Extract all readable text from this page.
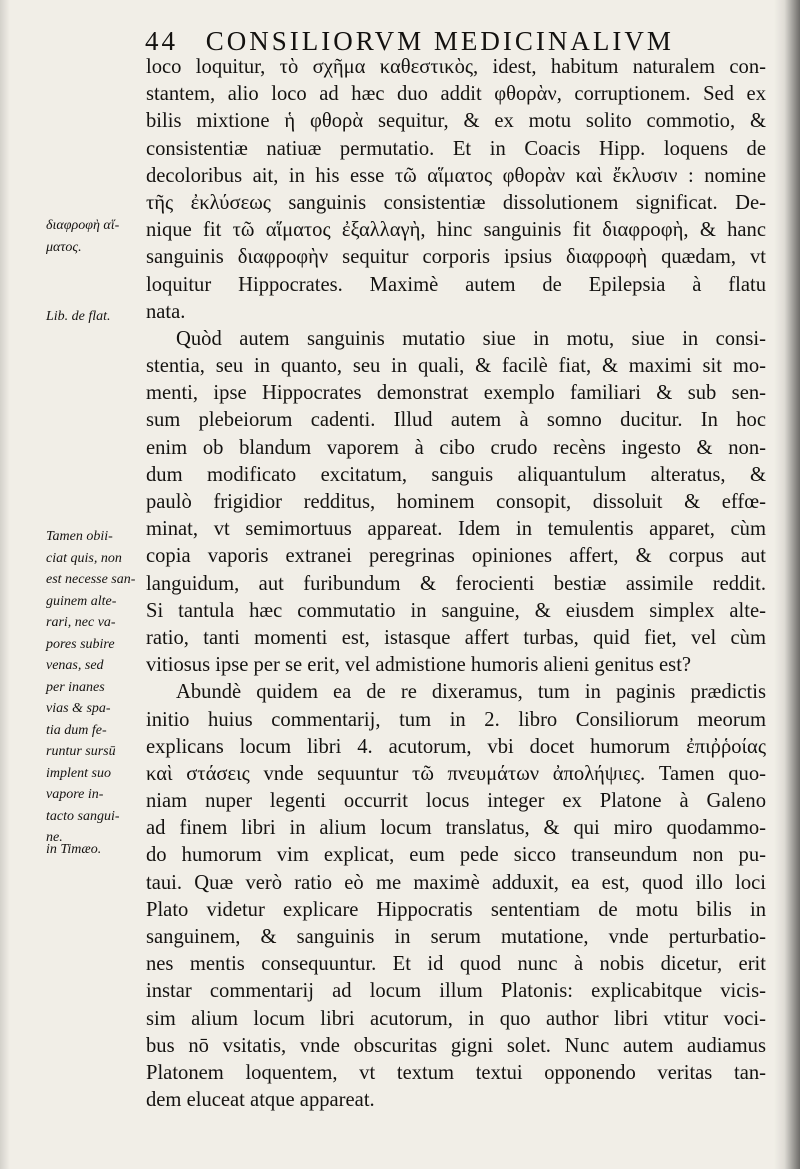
44 CONSILIORVM MEDICINALIVM
loco loquitur, τὸ σχῆμα καθεστικὸς, idest, habitum naturalem con-
stantem, alio loco ad hæc duo addit φθορὰν, corruptionem. Sed ex
bilis mixtione ἡ φθορὰ sequitur, & ex motu solito commotio, &
consistentiæ natiuæ permutatio. Et in Coacis Hipp. loquens de
decoloribus ait, in his esse τῶ αἵματος φθορὰν καὶ ἔκλυσιν : nomine
τῆς ἐκλύσεως sanguinis consistentiæ dissolutionem significat. De-
nique fit τῶ αἵματος ἐξαλλαγὴ, hinc sanguinis fit διαφροφὴ, & hanc
sanguinis διαφροφὴν sequitur corporis ipsius διαφροφὴ quædam, vt
loquitur Hippocrates. Maximè autem de Epilepsia à flatu
nata.
Quòd autem sanguinis mutatio siue in motu, siue in consi-
stentia, seu in quanto, seu in quali, & facilè fiat, & maximi sit mo-
menti, ipse Hippocrates demonstrat exemplo familiari & sub sen-
sum plebeiorum cadenti. Illud autem à somno ducitur. In hoc
enim ob blandum vaporem à cibo crudo recèns ingesto & non-
dum modificato excitatum, sanguis aliquantulum alteratus, &
paulò frigidior redditus, hominem consopit, dissoluit & effœ-
minat, vt semimortuus appareat. Idem in temulentis apparet, cùm
copia vaporis extranei peregrinas opiniones affert, & corpus aut
languidum, aut furibundum & ferocienti bestiæ assimile reddit.
Si tantula hæc commutatio in sanguine, & eiusdem simplex alte-
ratio, tanti momenti est, istasque affert turbas, quid fiet, vel cùm
vitiosus ipse per se erit, vel admistione humoris alieni genitus est?
Abundè quidem ea de re dixeramus, tum in paginis prædictis
initio huius commentarij, tum in 2. libro Consiliorum meorum
explicans locum libri 4. acutorum, vbi docet humorum ἐπιῤῥοίας
καὶ στάσεις vnde sequuntur τῶ πνευμάτων ἀπολήψιες. Tamen quo-
niam nuper legenti occurrit locus integer ex Platone à Galeno
ad finem libri in alium locum translatus, & qui miro quodammo-
do humorum vim explicat, eum pede sicco transeundum non pu-
taui. Quæ verò ratio eò me maximè adduxit, ea est, quod illo loci
Plato videtur explicare Hippocratis sententiam de motu bilis in
sanguinem, & sanguinis in serum mutatione, vnde perturbatio-
nes mentis consequuntur. Et id quod nunc à nobis dicetur, erit
instar commentarij ad locum illum Platonis: explicabitque vicis-
sim alium locum libri acutorum, in quo author libri vtitur voci-
bus nō vsitatis, vnde obscuritas gigni solet. Nunc autem audiamus
Platonem loquentem, vt textum textui opponendo veritas tan-
dem eluceat atque appareat.
διαφροφὴ αἵ-
ματος.
Lib. de flat.
Tamen obii-
ciat quis, non
est necesse san-
guinem alte-
rari, nec va-
pores subire
venas, sed
per inanes
vias & spa-
tia dum fe-
runtur sursū
implent suo
vapore in-
tacto sangui-
ne.
in Timæo.
